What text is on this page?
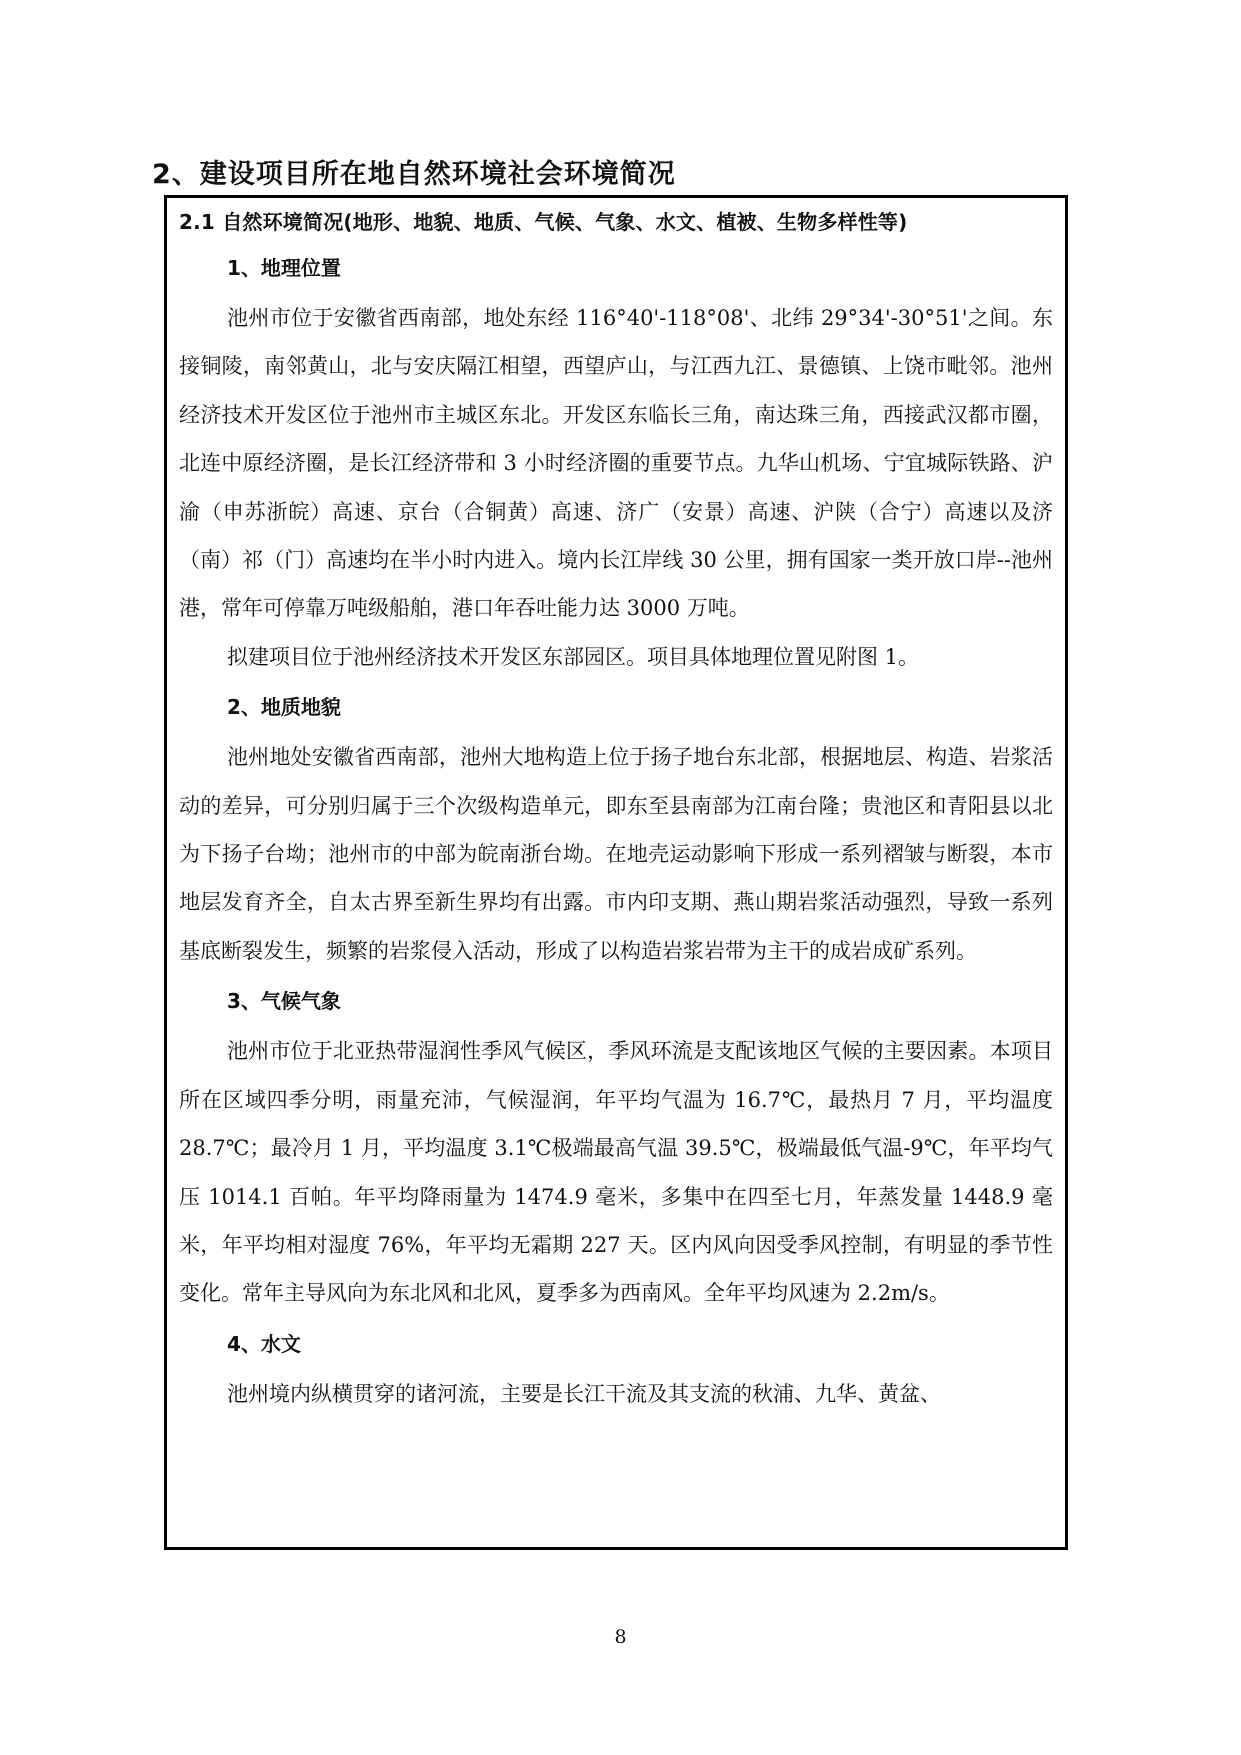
2、建设项目所在地自然环境社会环境简况
2.1 自然环境简况(地形、地貌、地质、气候、气象、水文、植被、生物多样性等)
1、地理位置

池州市位于安徽省西南部，地处东经 116°40'-118°08'、北纬 29°34'-30°51'之间。东接铜陵，南邻黄山，北与安庆隔江相望，西望庐山，与江西九江、景德镇、上饶市毗邻。池州经济技术开发区位于池州市主城区东北。开发区东临长三角，南达珠三角，西接武汉都市圈，北连中原经济圈，是长江经济带和 3 小时经济圈的重要节点。九华山机场、宁宜城际铁路、沪渝（申苏浙皖）高速、京台（合铜黄）高速、济广（安景）高速、沪陕（合宁）高速以及济（南）祁（门）高速均在半小时内进入。境内长江岸线 30 公里，拥有国家一类开放口岸--池州港，常年可停靠万吨级船舶，港口年吞吐能力达 3000 万吨。

拟建项目位于池州经济技术开发区东部园区。项目具体地理位置见附图 1。

2、地质地貌

池州地处安徽省西南部，池州大地构造上位于扬子地台东北部，根据地层、构造、岩浆活动的差异，可分别归属于三个次级构造单元，即东至县南部为江南台隆；贵池区和青阳县以北为下扬子台坳；池州市的中部为皖南浙台坳。在地壳运动影响下形成一系列褶皱与断裂，本市地层发育齐全，自太古界至新生界均有出露。市内印支期、燕山期岩浆活动强烈，导致一系列基底断裂发生，频繁的岩浆侵入活动，形成了以构造岩浆岩带为主干的成岩成矿系列。

3、气候气象

池州市位于北亚热带湿润性季风气候区，季风环流是支配该地区气候的主要因素。本项目所在区域四季分明，雨量充沛，气候湿润，年平均气温为 16.7℃，最热月 7 月，平均温度 28.7℃；最冷月 1 月，平均温度 3.1℃极端最高气温 39.5℃，极端最低气温-9℃，年平均气压 1014.1 百帕。年平均降雨量为 1474.9 毫米，多集中在四至七月，年蒸发量 1448.9 毫米，年平均相对湿度 76%，年平均无霜期 227 天。区内风向因受季风控制，有明显的季节性变化。常年主导风向为东北风和北风，夏季多为西南风。全年平均风速为 2.2m/s。

4、水文

池州境内纵横贯穿的诸河流，主要是长江干流及其支流的秋浦、九华、黄盆、

8
